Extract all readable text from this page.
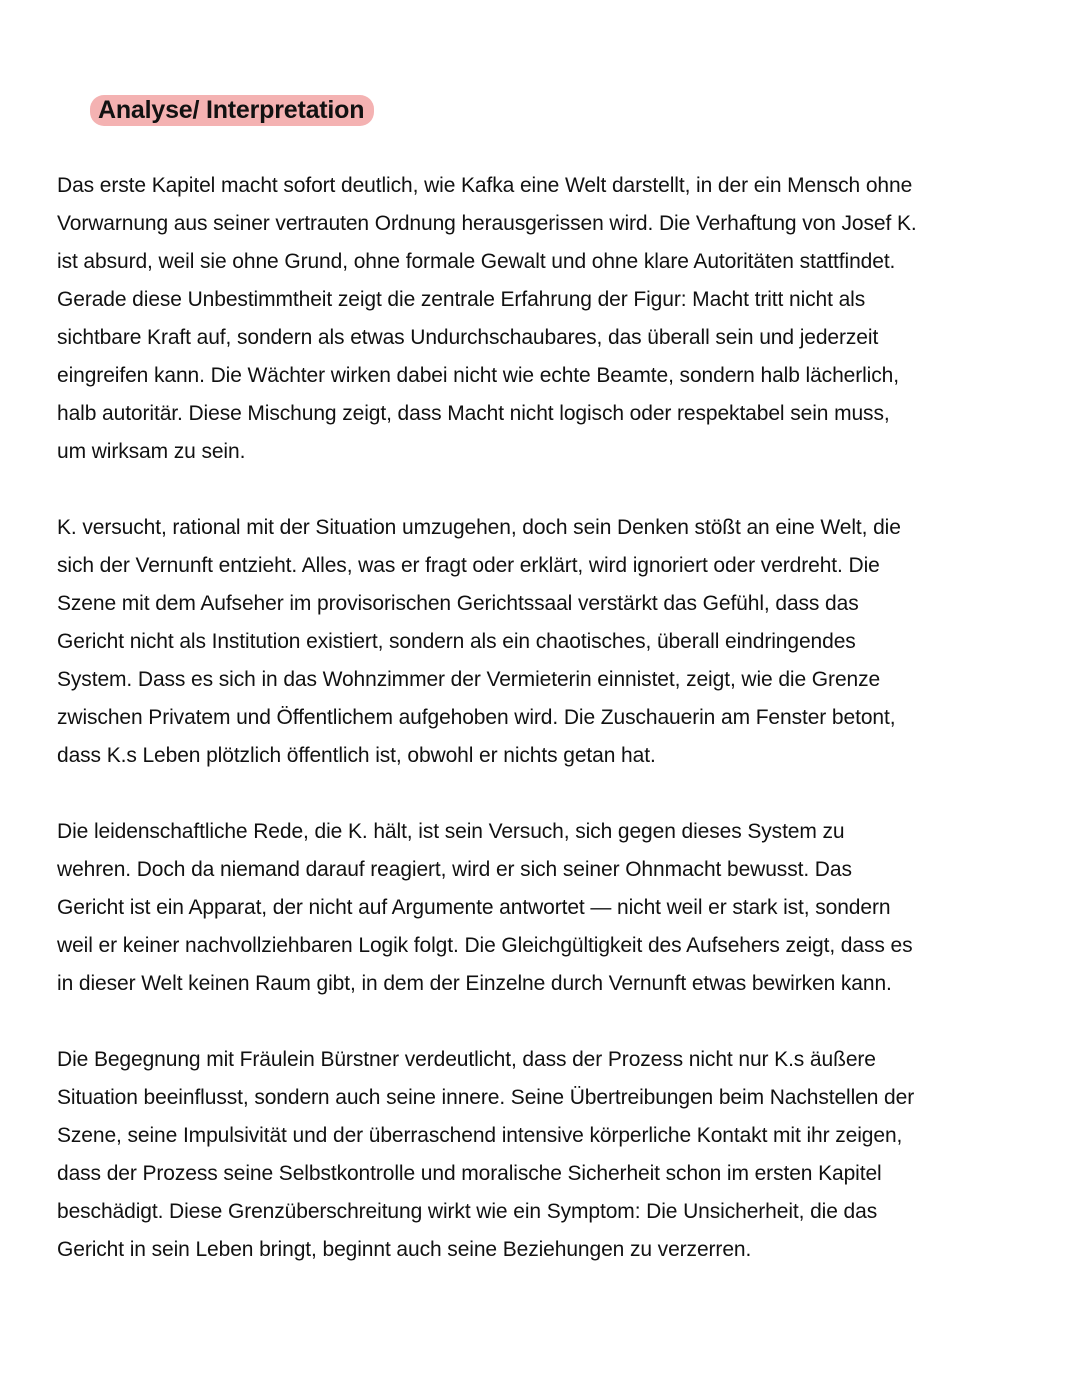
Analyse/ Interpretation

Das erste Kapitel macht sofort deutlich, wie Kafka eine Welt darstellt, in der ein Mensch ohne
Vorwarnung aus seiner vertrauten Ordnung herausgerissen wird. Die Verhaftung von Josef K.
ist absurd, weil sie ohne Grund, ohne formale Gewalt und ohne klare Autoritäten stattfindet.
Gerade diese Unbestimmtheit zeigt die zentrale Erfahrung der Figur: Macht tritt nicht als
sichtbare Kraft auf, sondern als etwas Undurchschaubares, das überall sein und jederzeit
eingreifen kann. Die Wächter wirken dabei nicht wie echte Beamte, sondern halb lächerlich,
halb autoritär. Diese Mischung zeigt, dass Macht nicht logisch oder respektabel sein muss,
um wirksam zu sein.

K. versucht, rational mit der Situation umzugehen, doch sein Denken stößt an eine Welt, die
sich der Vernunft entzieht. Alles, was er fragt oder erklärt, wird ignoriert oder verdreht. Die
Szene mit dem Aufseher im provisorischen Gerichtssaal verstärkt das Gefühl, dass das
Gericht nicht als Institution existiert, sondern als ein chaotisches, überall eindringendes
System. Dass es sich in das Wohnzimmer der Vermieterin einnistet, zeigt, wie die Grenze
zwischen Privatem und Öffentlichem aufgehoben wird. Die Zuschauerin am Fenster betont,
dass K.s Leben plötzlich öffentlich ist, obwohl er nichts getan hat.

Die leidenschaftliche Rede, die K. hält, ist sein Versuch, sich gegen dieses System zu
wehren. Doch da niemand darauf reagiert, wird er sich seiner Ohnmacht bewusst. Das
Gericht ist ein Apparat, der nicht auf Argumente antwortet — nicht weil er stark ist, sondern
weil er keiner nachvollziehbaren Logik folgt. Die Gleichgültigkeit des Aufsehers zeigt, dass es
in dieser Welt keinen Raum gibt, in dem der Einzelne durch Vernunft etwas bewirken kann.

Die Begegnung mit Fräulein Bürstner verdeutlicht, dass der Prozess nicht nur K.s äußere
Situation beeinflusst, sondern auch seine innere. Seine Übertreibungen beim Nachstellen der
Szene, seine Impulsivität und der überraschend intensive körperliche Kontakt mit ihr zeigen,
dass der Prozess seine Selbstkontrolle und moralische Sicherheit schon im ersten Kapitel
beschädigt. Diese Grenzüberschreitung wirkt wie ein Symptom: Die Unsicherheit, die das
Gericht in sein Leben bringt, beginnt auch seine Beziehungen zu verzerren.
